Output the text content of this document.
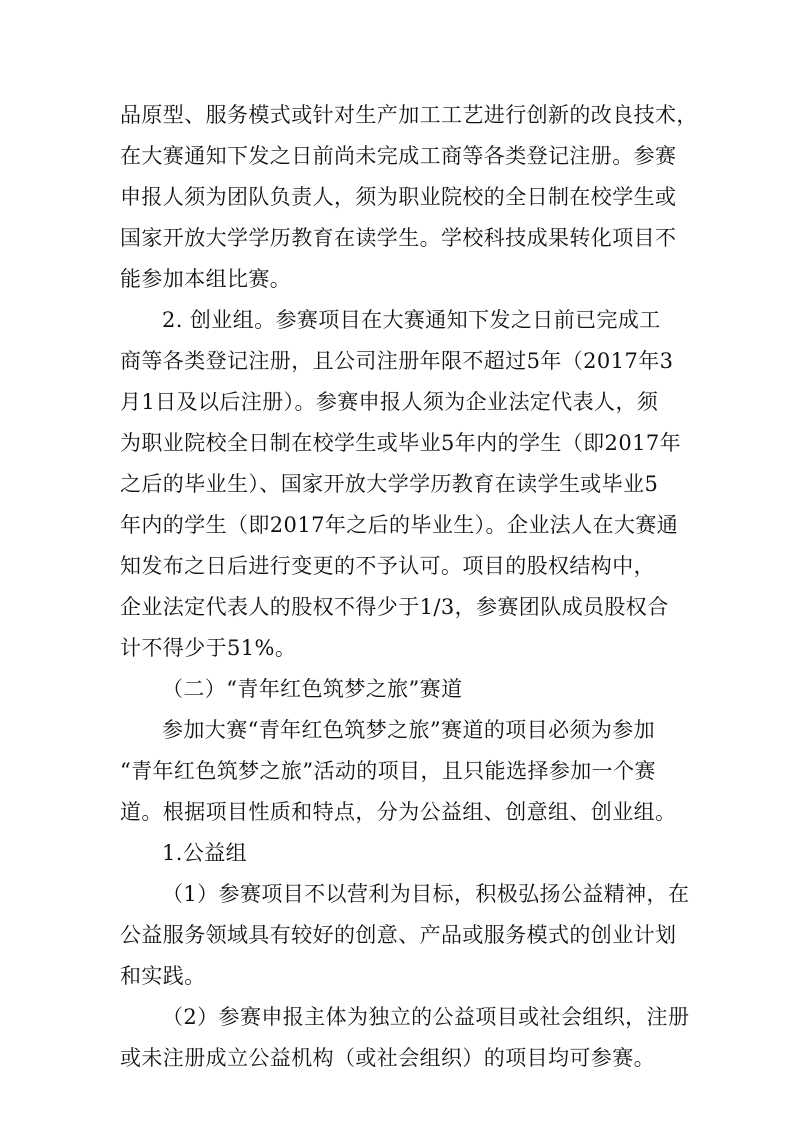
品原型、服务模式或针对生产加工工艺进行创新的改良技术，
在大赛通知下发之日前尚未完成工商等各类登记注册。参赛
申报人须为团队负责人，须为职业院校的全日制在校学生或
国家开放大学学历教育在读学生。学校科技成果转化项目不
能参加本组比赛。
2. 创业组。参赛项目在大赛通知下发之日前已完成工
商等各类登记注册，且公司注册年限不超过5年（2017年3
月1日及以后注册）。参赛申报人须为企业法定代表人，须
为职业院校全日制在校学生或毕业5年内的学生（即2017年
之后的毕业生）、国家开放大学学历教育在读学生或毕业5
年内的学生（即2017年之后的毕业生）。企业法人在大赛通
知发布之日后进行变更的不予认可。项目的股权结构中，
企业法定代表人的股权不得少于1/3，参赛团队成员股权合
计不得少于51%。
（二）“青年红色筑梦之旅”赛道
参加大赛“青年红色筑梦之旅”赛道的项目必须为参加
“青年红色筑梦之旅”活动的项目，且只能选择参加一个赛
道。根据项目性质和特点，分为公益组、创意组、创业组。
1.公益组
（1）参赛项目不以营利为目标，积极弘扬公益精神，在
公益服务领域具有较好的创意、产品或服务模式的创业计划
和实践。
（2）参赛申报主体为独立的公益项目或社会组织，注册
或未注册成立公益机构（或社会组织）的项目均可参赛。
